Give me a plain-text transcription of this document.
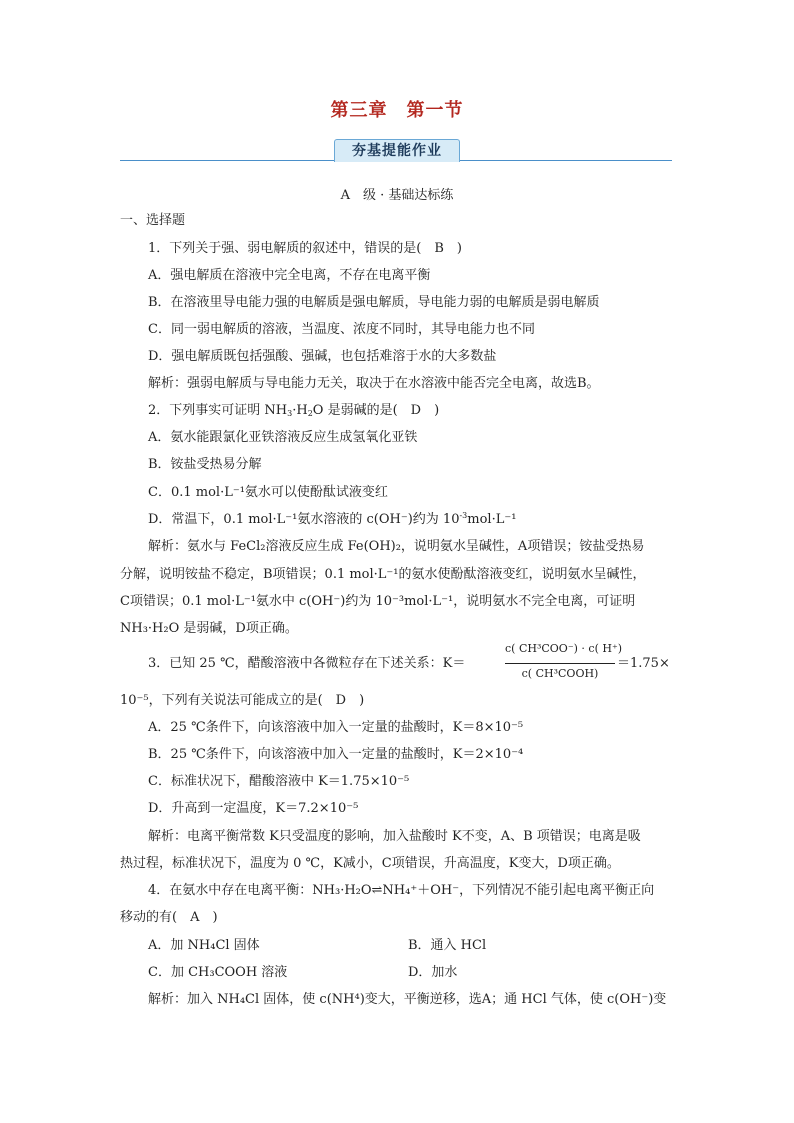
第三章　第一节
夯基提能作业
A　级 · 基础达标练
一、选择题
1．下列关于强、弱电解质的叙述中，错误的是(　B　)
A．强电解质在溶液中完全电离，不存在电离平衡
B．在溶液里导电能力强的电解质是强电解质，导电能力弱的电解质是弱电解质
C．同一弱电解质的溶液，当温度、浓度不同时，其导电能力也不同
D．强电解质既包括强酸、强碱，也包括难溶于水的大多数盐
解析：强弱电解质与导电能力无关，取决于在水溶液中能否完全电离，故选B。
2．下列事实可证明 $NH_3\cdot H_2O$ 是弱碱的是(　D　)
A．氨水能跟氯化亚铁溶液反应生成氢氧化亚铁
B．铵盐受热易分解
C．0.1 mol·L⁻¹氨水可以使酚酞试液变红
D．常温下，0.1 mol·L⁻¹氨水溶液的 c(OH⁻)约为 $10^{-3}mol\cdot L^{-1}$
解析：氨水与 FeCl₂溶液反应生成 Fe(OH)₂，说明氨水呈碱性，A项错误；铵盐受热易
分解，说明铵盐不稳定，B项错误；0.1 mol·L⁻¹的氨水使酚酞溶液变红，说明氨水呈碱性，
C项错误；0.1 mol·L⁻¹氨水中 c(OH⁻)约为 10⁻³mol·L⁻¹，说明氨水不完全电离，可证明
NH₃·H₂O 是弱碱，D项正确。
3．已知 25 ℃，醋酸溶液中各微粒存在下述关系：K＝
c( CH³COO⁻) · c( H⁺)
c( CH³COOH)
＝1.75×
10⁻⁵，下列有关说法可能成立的是(　D　)
A．25 ℃条件下，向该溶液中加入一定量的盐酸时，K＝8×10⁻⁵
B．25 ℃条件下，向该溶液中加入一定量的盐酸时，K＝2×10⁻⁴
C．标准状况下，醋酸溶液中 K＝1.75×10⁻⁵
D．升高到一定温度，K＝7.2×10⁻⁵
解析：电离平衡常数 K只受温度的影响，加入盐酸时 K不变，A、B 项错误；电离是吸
热过程，标准状况下，温度为 0 ℃，K减小，C项错误，升高温度，K变大，D项正确。
4．在氨水中存在电离平衡：NH₃·H₂O⇌NH₄⁺＋OH⁻，下列情况不能引起电离平衡正向
移动的有(　A　)
A．加 NH₄Cl 固体	B．通入 HCl
C．加 CH₃COOH 溶液	D．加水
解析：加入 NH₄Cl 固体，使 c(NH⁴)变大，平衡逆移，选A；通 HCl 气体，使 c(OH⁻)变
